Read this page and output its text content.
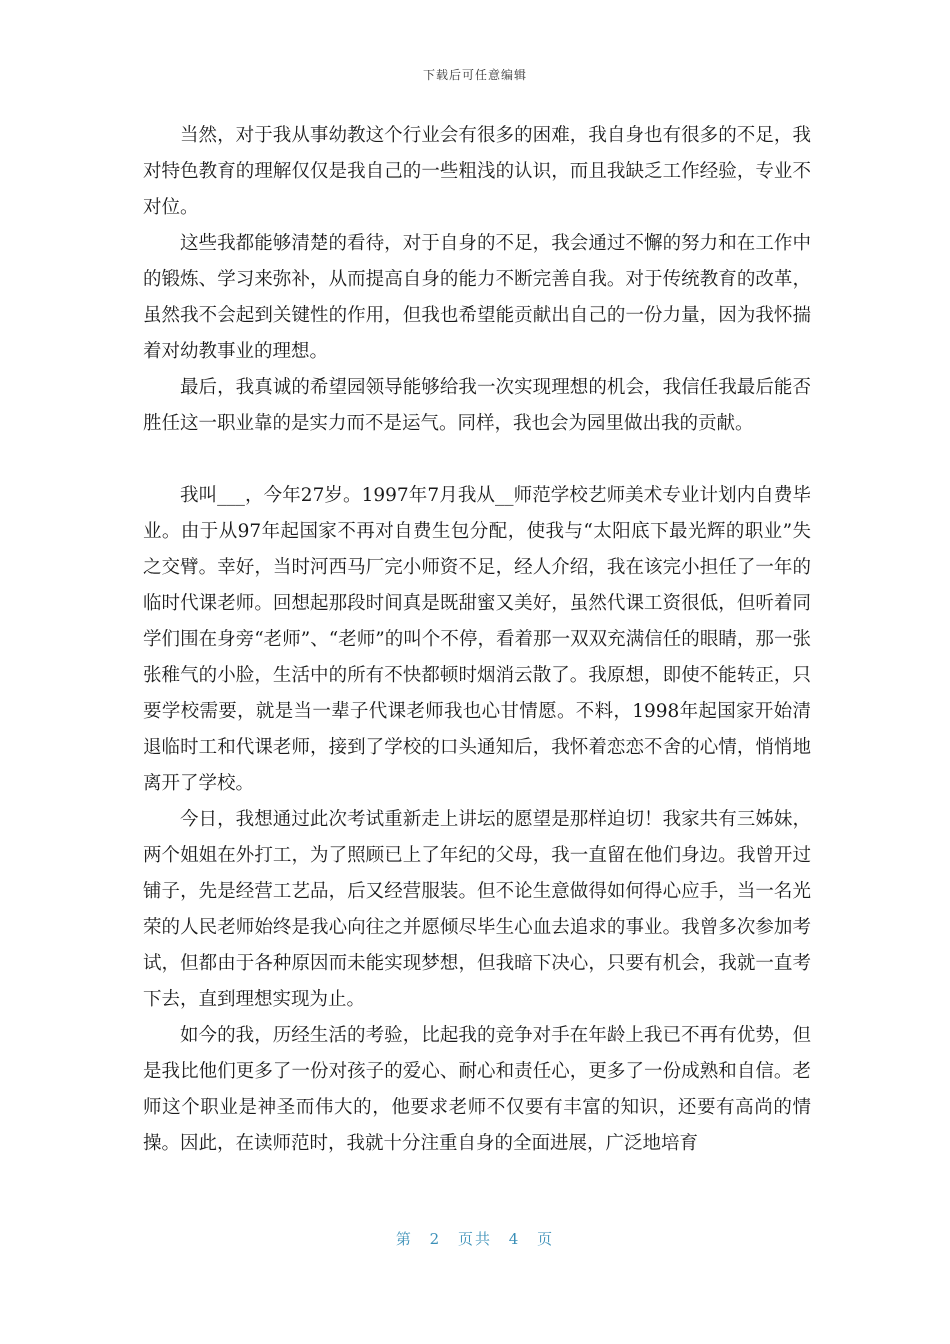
下载后可任意编辑

当然，对于我从事幼教这个行业会有很多的困难，我自身也有很多的不足，我对特色教育的理解仅仅是我自己的一些粗浅的认识，而且我缺乏工作经验，专业不对位。

这些我都能够清楚的看待，对于自身的不足，我会通过不懈的努力和在工作中的锻炼、学习来弥补，从而提高自身的能力不断完善自我。对于传统教育的改革，虽然我不会起到关键性的作用，但我也希望能贡献出自己的一份力量，因为我怀揣着对幼教事业的理想。

最后，我真诚的希望园领导能够给我一次实现理想的机会，我信任我最后能否胜任这一职业靠的是实力而不是运气。同样，我也会为园里做出我的贡献。

我叫___，今年27岁。1997年7月我从__师范学校艺师美术专业计划内自费毕业。由于从97年起国家不再对自费生包分配，使我与“太阳底下最光辉的职业”失之交臂。幸好，当时河西马厂完小师资不足，经人介绍，我在该完小担任了一年的临时代课老师。回想起那段时间真是既甜蜜又美好，虽然代课工资很低，但听着同学们围在身旁“老师”、“老师”的叫个不停，看着那一双双充满信任的眼睛，那一张张稚气的小脸，生活中的所有不快都顿时烟消云散了。我原想，即使不能转正，只要学校需要，就是当一辈子代课老师我也心甘情愿。不料，1998年起国家开始清退临时工和代课老师，接到了学校的口头通知后，我怀着恋恋不舍的心情，悄悄地离开了学校。

今日，我想通过此次考试重新走上讲坛的愿望是那样迫切！我家共有三姊妹，两个姐姐在外打工，为了照顾已上了年纪的父母，我一直留在他们身边。我曾开过铺子，先是经营工艺品，后又经营服装。但不论生意做得如何得心应手，当一名光荣的人民老师始终是我心向往之并愿倾尽毕生心血去追求的事业。我曾多次参加考试，但都由于各种原因而未能实现梦想，但我暗下决心，只要有机会，我就一直考下去，直到理想实现为止。

如今的我，历经生活的考验，比起我的竞争对手在年龄上我已不再有优势，但是我比他们更多了一份对孩子的爱心、耐心和责任心，更多了一份成熟和自信。老师这个职业是神圣而伟大的，他要求老师不仅要有丰富的知识，还要有高尚的情操。因此，在读师范时，我就十分注重自身的全面进展，广泛地培育

第 2 页共 4 页
